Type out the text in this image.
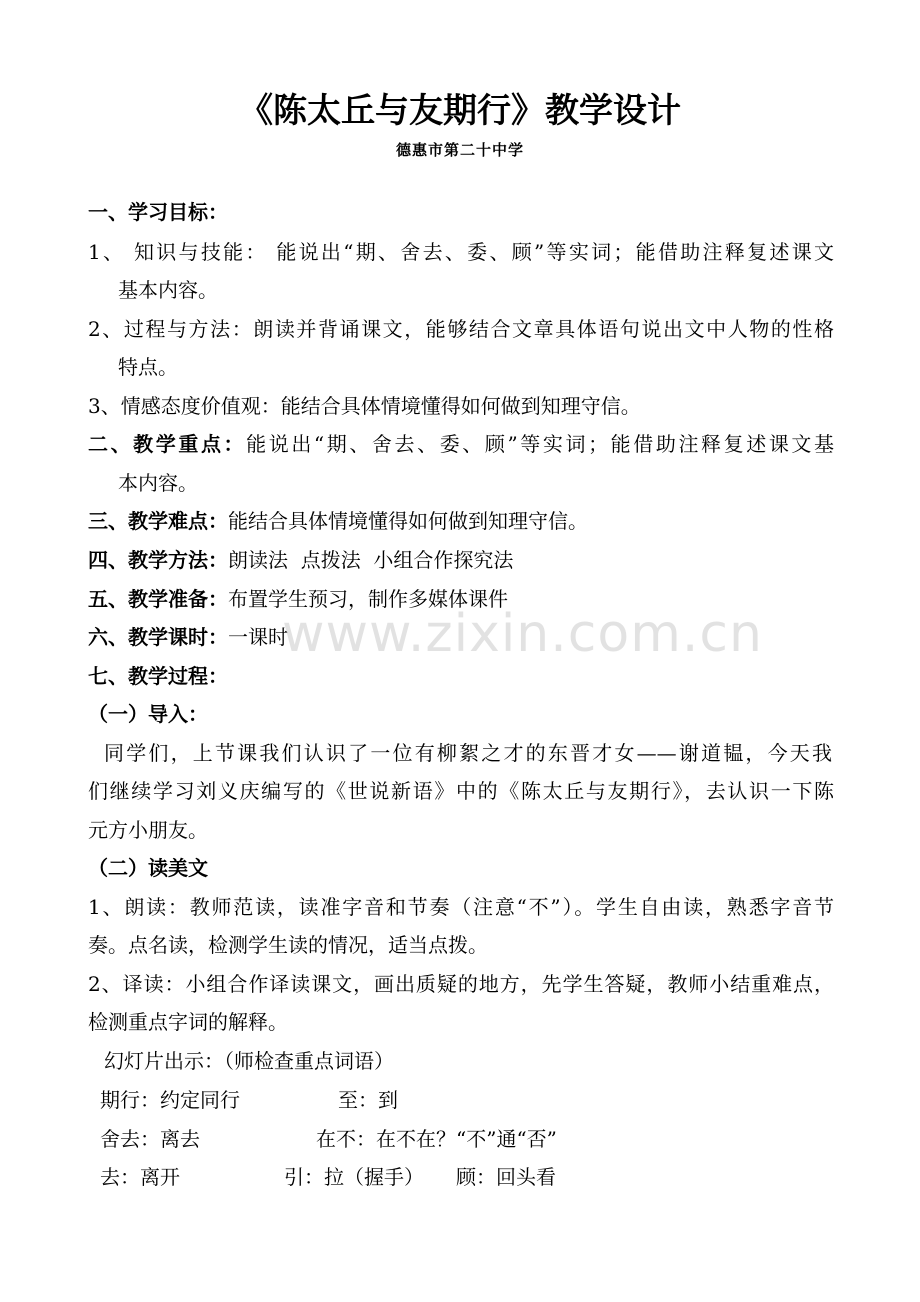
《陈太丘与友期行》教学设计
德惠市第二十中学
一、学习目标：
1、 知识与技能： 能说出“期、舍去、委、顾”等实词；能借助注释复述课文
基本内容。
2、过程与方法：朗读并背诵课文，能够结合文章具体语句说出文中人物的性格
特点。
3、情感态度价值观：能结合具体情境懂得如何做到知理守信。
二、教学重点：能说出“期、舍去、委、顾”等实词；能借助注释复述课文基
本内容。
三、教学难点：能结合具体情境懂得如何做到知理守信。
四、教学方法：朗读法  点拨法  小组合作探究法
五、教学准备：布置学生预习，制作多媒体课件
六、教学课时：一课时
七、教学过程：
（一）导入：
同学们，上节课我们认识了一位有柳絮之才的东晋才女——谢道韫，今天我
们继续学习刘义庆编写的《世说新语》中的《陈太丘与友期行》，去认识一下陈
元方小朋友。
（二）读美文
1、朗读：教师范读，读准字音和节奏（注意“不”）。学生自由读，熟悉字音节
奏。点名读，检测学生读的情况，适当点拨。
2、译读：小组合作译读课文，画出质疑的地方，先学生答疑，教师小结重难点，
检测重点字词的解释。
幻灯片出示：（师检查重点词语）
期行：约定同行	至：到
舍去：离去	在不：在不在？“不”通“否”
去：离开	引：拉（握手） 顾：回头看
www.zixin.com.cn
